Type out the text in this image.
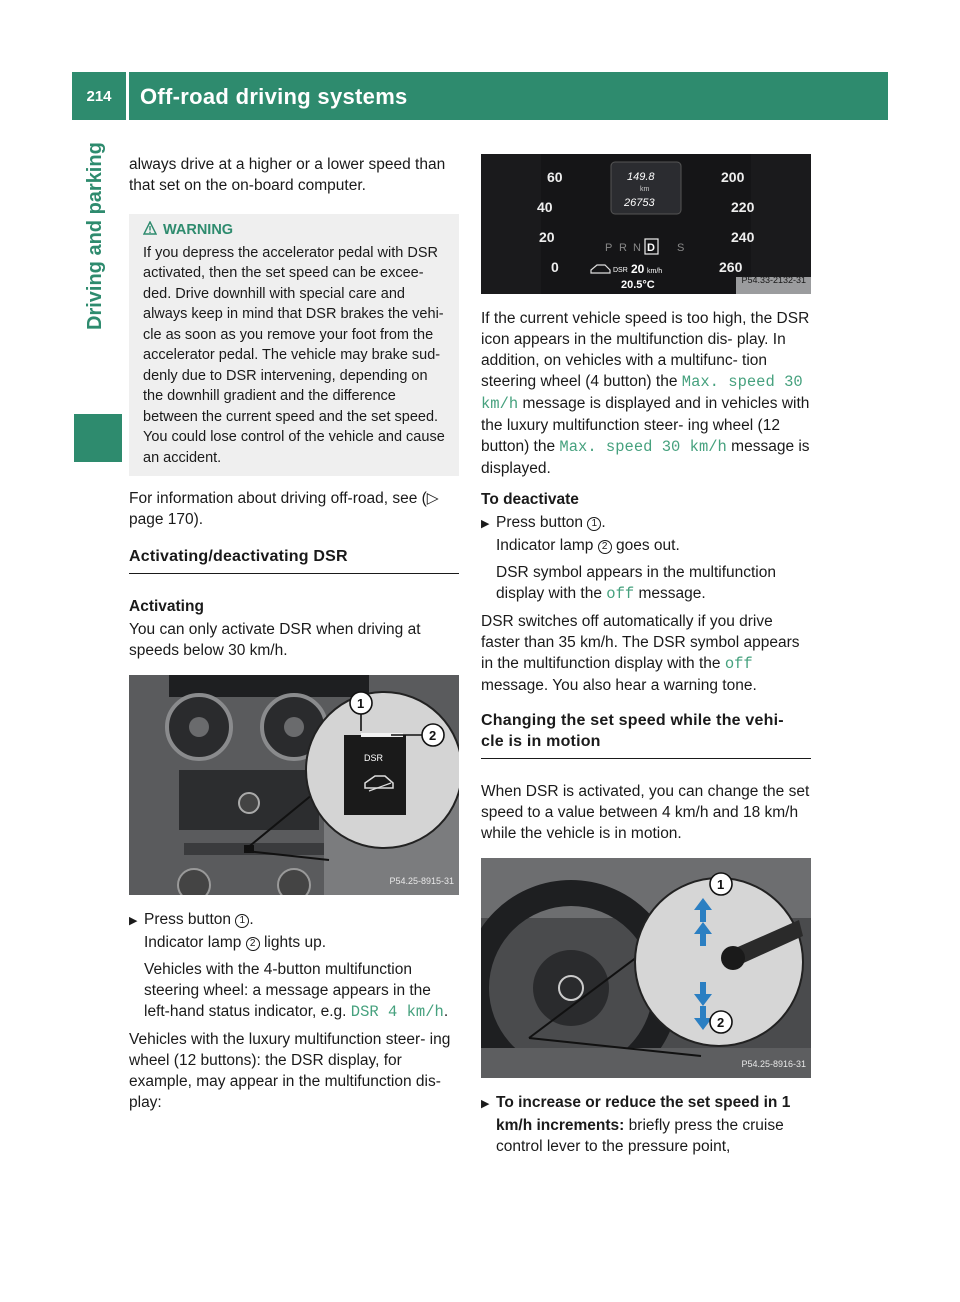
214	Off-road driving systems
Driving and parking always drive at a higher or a lower speed than that set on the on-board computer.

WARNING
If you depress the accelerator pedal with DSR activated, then the set speed can be excee- ded. Drive downhill with special care and always keep in mind that DSR brakes the vehi- cle as soon as you remove your foot from the accelerator pedal. The vehicle may brake sud- denly due to DSR intervening, depending on the downhill gradient and the difference between the current speed and the set speed. You could lose control of the vehicle and cause an accident.

For information about driving off-road, see (▷ page 170).

Activating/deactivating DSR
Activating

You can only activate DSR when driving at speeds below 30 km/h.

DSR
1
2
P54.25-8915-31

▶ Press button 1 .
Indicator lamp 2 lights up.

Vehicles with the 4-button multifunction steering wheel: a message appears in the left-hand status indicator, e.g. DSR 4 km/h.

Vehicles with the luxury multifunction steer- ing wheel (12 buttons): the DSR display, for example, may appear in the multifunction dis- play:

60
40
20
0
200
220
240
260
149.8
km
26753
P R N D S
DSR 20 km/h
20.5°C	P54.33-2132-31

If the current vehicle speed is too high, the DSR icon appears in the multifunction dis- play. In addition, on vehicles with a multifunc- tion steering wheel (4 button) the Max. speed 30 km/h message is displayed and in vehicles with the luxury multifunction steer- ing wheel (12 button) the Max. speed 30 km/h message is displayed.

To deactivate

▶ Press button 1 .
Indicator lamp 2 goes out.

DSR symbol appears in the multifunction display with the off message.

DSR switches off automatically if you drive faster than 35 km/h. The DSR symbol appears in the multifunction display with the off message. You also hear a warning tone.

Changing the set speed while the vehi- cle is in motion

When DSR is activated, you can change the set speed to a value between 4 km/h and 18 km/h while the vehicle is in motion.

1
2
P54.25-8916-31

▶ To increase or reduce the set speed in 1 km/h increments: briefly press the cruise control lever to the pressure point,
